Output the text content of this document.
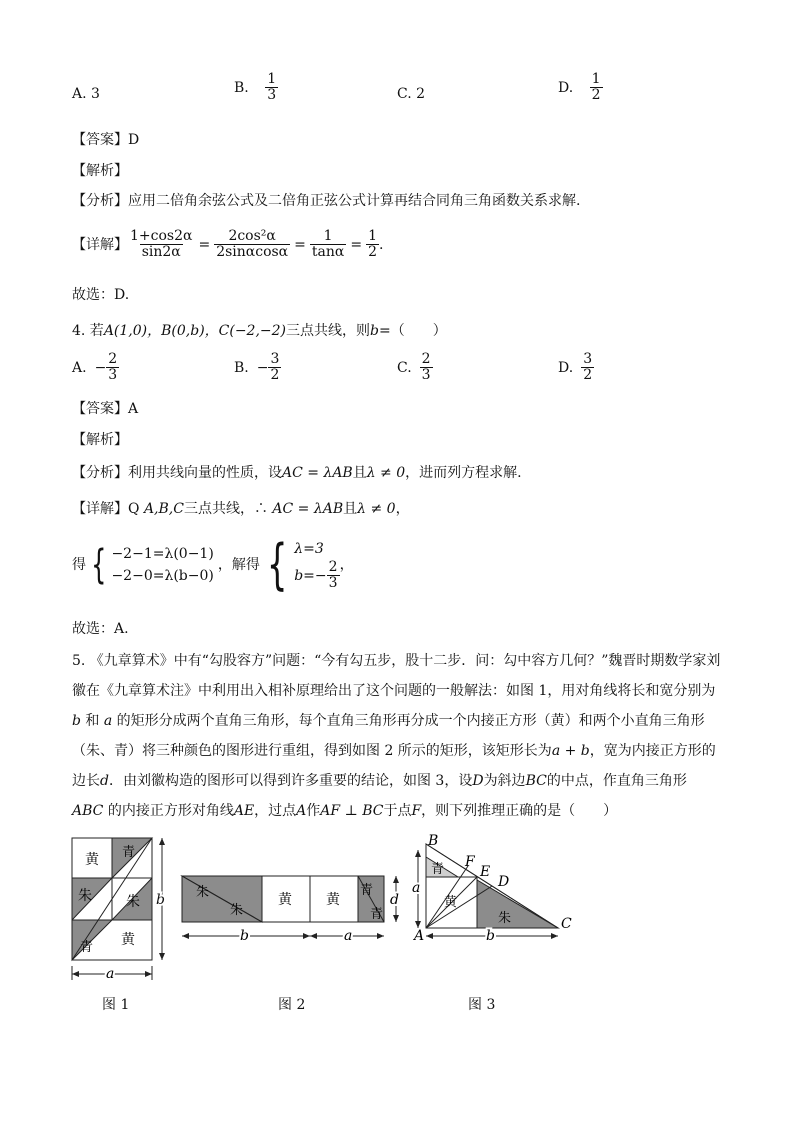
A. 3	B. $\frac{1}{3}$	C. 2	D. $\frac{1}{2}$
【答案】D
【解析】
【分析】应用二倍角余弦公式及二倍角正弦公式计算再结合同角三角函数关系求解.
【详解】 $\frac{1+\cos 2\alpha}{\sin 2\alpha} = \frac{\text{2cos²α}}{2\sin\alpha\cos\alpha} = \frac{1}{\tan\alpha} = \frac{1}{2}$ .
故选：D.
4. 若A(1,0)，B(0,b)，C(−2,−2)三点共线，则b=（　　）
A. − $\frac{2}{3}$	B. − $\frac{3}{2}$	C. $\frac{2}{3}$	D. $\frac{3}{2}$
【答案】A
【解析】
【分析】利用共线向量的性质，设AC = λAB且λ ≠ 0，进而列方程求解.
【详解】Q A,B,C三点共线，∴ AC = λAB且λ ≠ 0，
得 { −2−1=λ(0−1)
−2−0=λ(b−0)
，解得 { λ=3
$b=- \frac{2}{3}$ ，
故选：A.
5. 《九章算术》中有“勾股容方”问题：“今有勾五步，股十二步．问：勾中容方几何？”魏晋时期数学家刘
徽在《九章算术注》中利用出入相补原理给出了这个问题的一般解法：如图 1，用对角线将长和宽分别为
b 和 a 的矩形分成两个直角三角形，每个直角三角形再分成一个内接正方形（黄）和两个小直角三角形
（朱、青）将三种颜色的图形进行重组，得到如图 2 所示的矩形，该矩形长为a + b，宽为内接正方形的
边长d．由刘徽构造的图形可以得到许多重要的结论，如图 3，设D为斜边BC的中点，作直角三角形
ABC 的内接正方形对角线AE，过点A作AF ⊥ BC于点F，则下列推理正确的是（　　）
黄 青
朱 朱
青 黄
b
a
朱
朱
黄 黄
青
青
d
b	a
青
黄
朱
B
F
E
D
A
C
a
b
图 1	图 2	图 3
